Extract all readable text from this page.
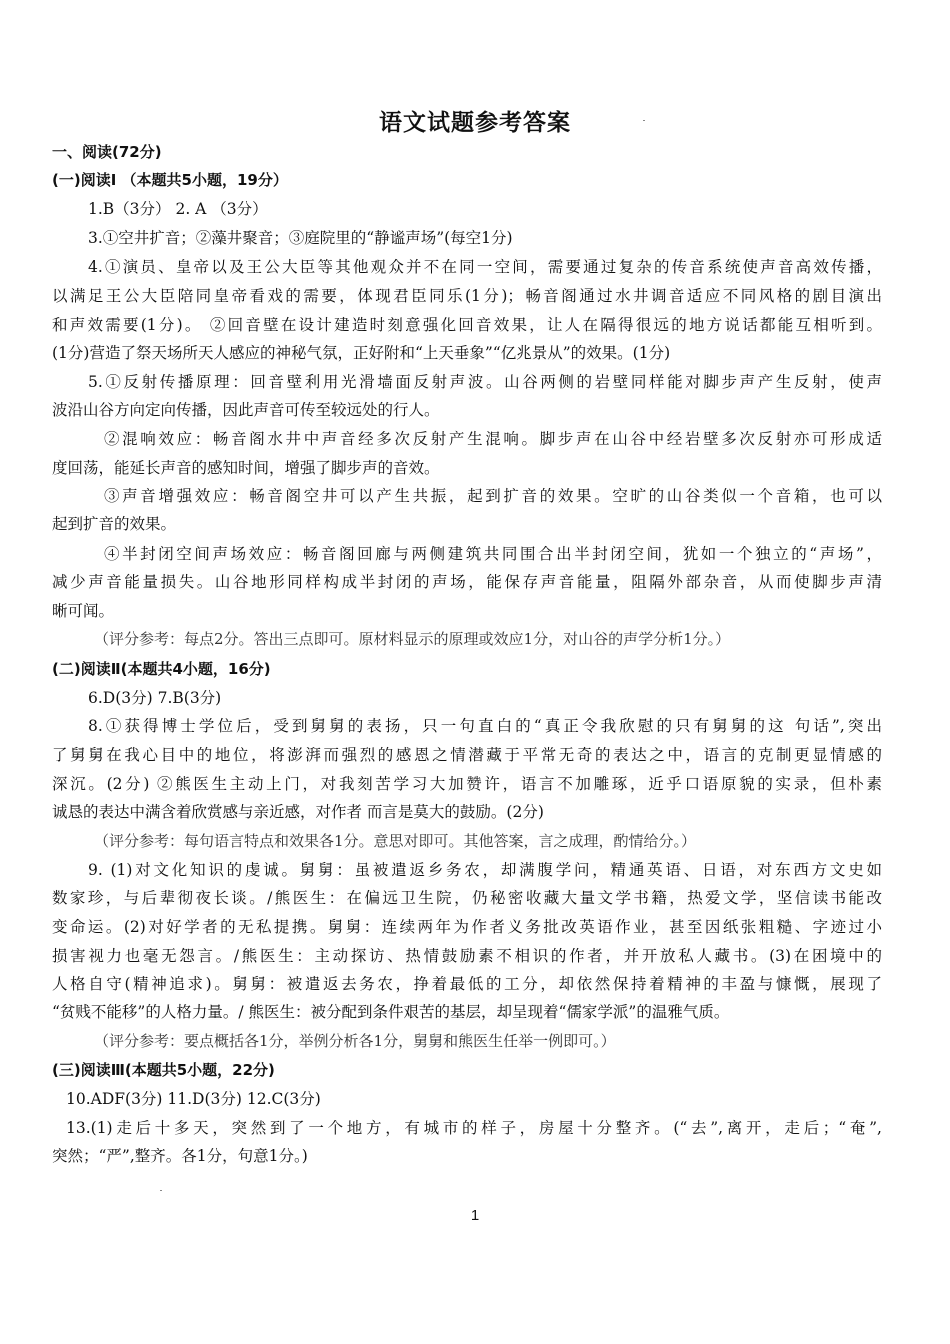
语文试题参考答案
一、阅读(72分)
(一)阅读Ⅰ （本题共5小题，19分）
1.B（3分） 2. A （3分）
3.①空井扩音；②藻井聚音；③庭院里的“静谧声场”(每空1分)
4.①演员、皇帝以及王公大臣等其他观众并不在同一空间，需要通过复杂的传音系统使声音高效传播，
以满足王公大臣陪同皇帝看戏的需要，体现君臣同乐(1分)；畅音阁通过水井调音适应不同风格的剧目演出
和声效需要(1分)。 ②回音壁在设计建造时刻意强化回音效果，让人在隔得很远的地方说话都能互相听到。
(1分)营造了祭天场所天人感应的神秘气氛，正好附和“上天垂象”“亿兆景从”的效果。(1分)
5.①反射传播原理：回音壁利用光滑墙面反射声波。山谷两侧的岩壁同样能对脚步声产生反射，使声
波沿山谷方向定向传播，因此声音可传至较远处的行人。
②混响效应：畅音阁水井中声音经多次反射产生混响。脚步声在山谷中经岩壁多次反射亦可形成适
度回荡，能延长声音的感知时间，增强了脚步声的音效。
③声音增强效应：畅音阁空井可以产生共振，起到扩音的效果。空旷的山谷类似一个音箱，也可以
起到扩音的效果。
④半封闭空间声场效应：畅音阁回廊与两侧建筑共同围合出半封闭空间，犹如一个独立的“声场”，
减少声音能量损失。山谷地形同样构成半封闭的声场，能保存声音能量，阻隔外部杂音，从而使脚步声清
晰可闻。
（评分参考：每点2分。答出三点即可。原材料显示的原理或效应1分，对山谷的声学分析1分。）
(二)阅读Ⅱ(本题共4小题，16分)
6.D(3分) 7.B(3分)
8.①获得博士学位后，受到舅舅的表扬，只一句直白的“真正令我欣慰的只有舅舅的这 句话”,突出
了舅舅在我心目中的地位，将澎湃而强烈的感恩之情潜藏于平常无奇的表达之中，语言的克制更显情感的
深沉。(2分) ②熊医生主动上门，对我刻苦学习大加赞许，语言不加雕琢，近乎口语原貌的实录，但朴素
诚恳的表达中满含着欣赏感与亲近感，对作者 而言是莫大的鼓励。(2分)
（评分参考：每句语言特点和效果各1分。意思对即可。其他答案，言之成理，酌情给分。）
9. (1)对文化知识的虔诚。舅舅：虽被遣返乡务农，却满腹学问，精通英语、日语，对东西方文史如
数家珍，与后辈彻夜长谈。/熊医生：在偏远卫生院，仍秘密收藏大量文学书籍，热爱文学，坚信读书能改
变命运。(2)对好学者的无私提携。舅舅：连续两年为作者义务批改英语作业，甚至因纸张粗糙、字迹过小
损害视力也毫无怨言。/熊医生：主动探访、热情鼓励素不相识的作者，并开放私人藏书。(3)在困境中的
人格自守(精神追求)。舅舅：被遣返去务农，挣着最低的工分，却依然保持着精神的丰盈与慷慨，展现了
“贫贱不能移”的人格力量。/ 熊医生：被分配到条件艰苦的基层，却呈现着“儒家学派”的温雅气质。
（评分参考：要点概括各1分，举例分析各1分，舅舅和熊医生任举一例即可。）
(三)阅读Ⅲ(本题共5小题，22分)
10.ADF(3分) 11.D(3分) 12.C(3分)
13.(1)走后十多天，突然到了一个地方，有城市的样子，房屋十分整齐。(“去”,离开，走后；“奄”,
突然；“严”,整齐。各1分，句意1分。)
1
